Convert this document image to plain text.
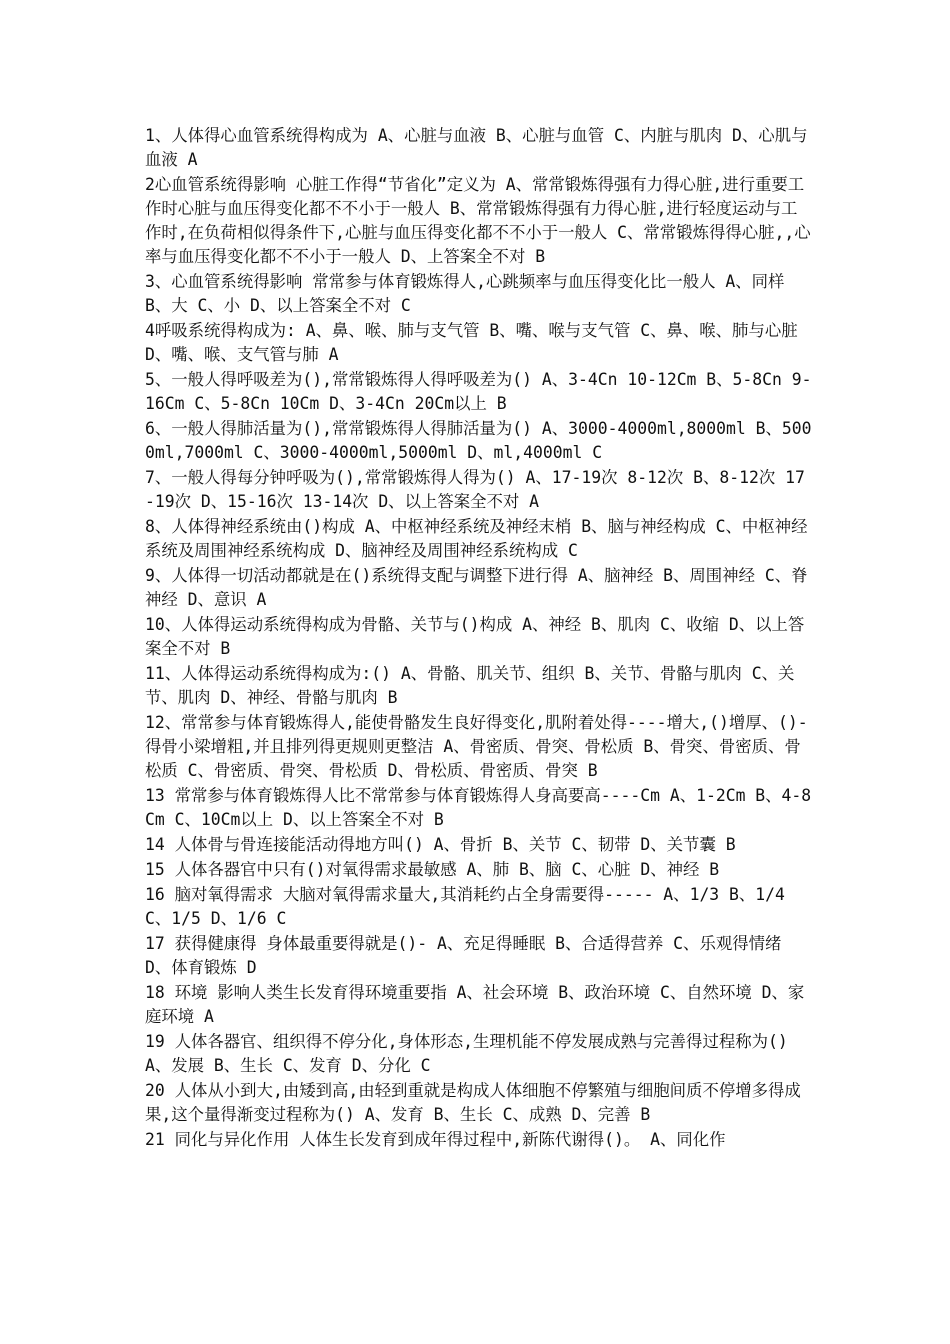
1、人体得心血管系统得构成为 A、心脏与血液 B、心脏与血管 C、内脏与肌肉 D、心肌与血液 A

2心血管系统得影响 心脏工作得“节省化”定义为 A、常常锻炼得强有力得心脏,进行重要工作时心脏与血压得变化都不不小于一般人 B、常常锻炼得强有力得心脏,进行轻度运动与工作时,在负荷相似得条件下,心脏与血压得变化都不不小于一般人 C、常常锻炼得得心脏,,心率与血压得变化都不不小于一般人 D、上答案全不对 B

3、心血管系统得影响 常常参与体育锻炼得人,心跳频率与血压得变化比一般人 A、同样 B、大 C、小 D、以上答案全不对 C

4呼吸系统得构成为: A、鼻、喉、肺与支气管 B、嘴、喉与支气管 C、鼻、喉、肺与心脏 D、嘴、喉、支气管与肺 A

5、一般人得呼吸差为(),常常锻炼得人得呼吸差为() A、3-4Cn 10-12Cm B、5-8Cn 9-16Cm C、5-8Cn 10Cm D、3-4Cn 20Cm以上 B

6、一般人得肺活量为(),常常锻炼得人得肺活量为() A、3000-4000ml,8000ml B、5000ml,7000ml C、3000-4000ml,5000ml D、ml,4000ml C

7、一般人得每分钟呼吸为(),常常锻炼得人得为() A、17-19次 8-12次 B、8-12次 17-19次 D、15-16次 13-14次 D、以上答案全不对 A

8、人体得神经系统由()构成 A、中枢神经系统及神经末梢 B、脑与神经构成 C、中枢神经系统及周围神经系统构成 D、脑神经及周围神经系统构成 C

9、人体得一切活动都就是在()系统得支配与调整下进行得 A、脑神经 B、周围神经 C、脊神经 D、意识 A

10、人体得运动系统得构成为骨骼、关节与()构成 A、神经 B、肌肉 C、收缩 D、以上答案全不对 B

11、人体得运动系统得构成为:() A、骨骼、肌关节、组织 B、关节、骨骼与肌肉 C、关节、肌肉 D、神经、骨骼与肌肉 B

12、常常参与体育锻炼得人,能使骨骼发生良好得变化,肌附着处得----增大,()增厚、()-得骨小梁增粗,并且排列得更规则更整洁 A、骨密质、骨突、骨松质 B、骨突、骨密质、骨松质 C、骨密质、骨突、骨松质 D、骨松质、骨密质、骨突 B

13 常常参与体育锻炼得人比不常常参与体育锻炼得人身高要高----Cm A、1-2Cm B、4-8Cm C、10Cm以上 D、以上答案全不对 B

14 人体骨与骨连接能活动得地方叫() A、骨折 B、关节 C、韧带 D、关节囊 B

15 人体各器官中只有()对氧得需求最敏感 A、肺 B、脑 C、心脏 D、神经 B

16 脑对氧得需求 大脑对氧得需求量大,其消耗约占全身需要得----- A、1/3 B、1/4 C、1/5 D、1/6 C

17 获得健康得 身体最重要得就是()- A、充足得睡眠 B、合适得营养 C、乐观得情绪 D、体育锻炼 D

18 环境 影响人类生长发育得环境重要指 A、社会环境 B、政治环境 C、自然环境 D、家庭环境 A

19 人体各器官、组织得不停分化,身体形态,生理机能不停发展成熟与完善得过程称为() A、发展 B、生长 C、发育 D、分化 C

20 人体从小到大,由矮到高,由轻到重就是构成人体细胞不停繁殖与细胞间质不停增多得成果,这个量得渐变过程称为() A、发育 B、生长 C、成熟 D、完善 B

21 同化与异化作用 人体生长发育到成年得过程中,新陈代谢得()。 A、同化作
